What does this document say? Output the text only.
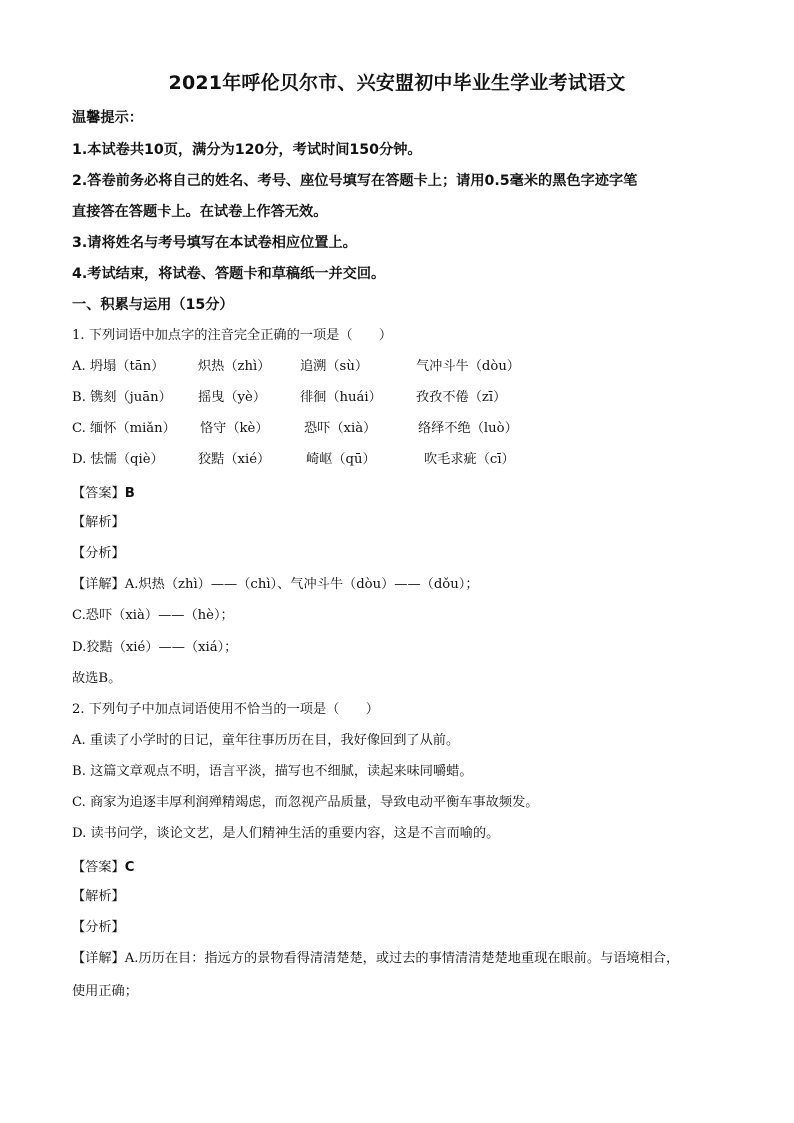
2021年呼伦贝尔市、兴安盟初中毕业生学业考试语文
温馨提示：
1.本试卷共10页，满分为120分，考试时间150分钟。
2.答卷前务必将自己的姓名、考号、座位号填写在答题卡上；请用0.5毫米的黑色字迹字笔
直接答在答题卡上。在试卷上作答无效。
3.请将姓名与考号填写在本试卷相应位置上。
4.考试结束，将试卷、答题卡和草稿纸一并交回。
一、积累与运用（15分）
1. 下列词语中加点字的注音完全正确的一项是（　　）
A. 坍塌（tān）	炽热（zhì） 追溯（sù）	气冲斗牛（dòu）
B. 镌刻（juān） 摇曳（yè）	徘徊（huái）	孜孜不倦（zī）
C. 缅怀（miǎn） 恪守（kè）	恐吓（xià）	络绎不绝（luò）
D. 怯懦（qiè）	狡黠（xié）	崎岖（qū）	吹毛求疵（cī）
【答案】B
【解析】
【分析】
【详解】A.炽热（zhì）——（chì）、气冲斗牛（dòu）——（dǒu）；
C.恐吓（xià）——（hè）；
D.狡黠（xié）——（xiá）；
故选B。
2. 下列句子中加点词语使用不恰当的一项是（　　）
A. 重读了小学时的日记，童年往事历历在目，我好像回到了从前。
B. 这篇文章观点不明，语言平淡，描写也不细腻，读起来味同嚼蜡。
C. 商家为追逐丰厚利润殚精竭虑，而忽视产品质量，导致电动平衡车事故频发。
D. 读书问学，谈论文艺，是人们精神生活的重要内容，这是不言而喻的。
【答案】C
【解析】
【分析】
【详解】A.历历在目：指远方的景物看得清清楚楚，或过去的事情清清楚楚地重现在眼前。与语境相合，
使用正确；
